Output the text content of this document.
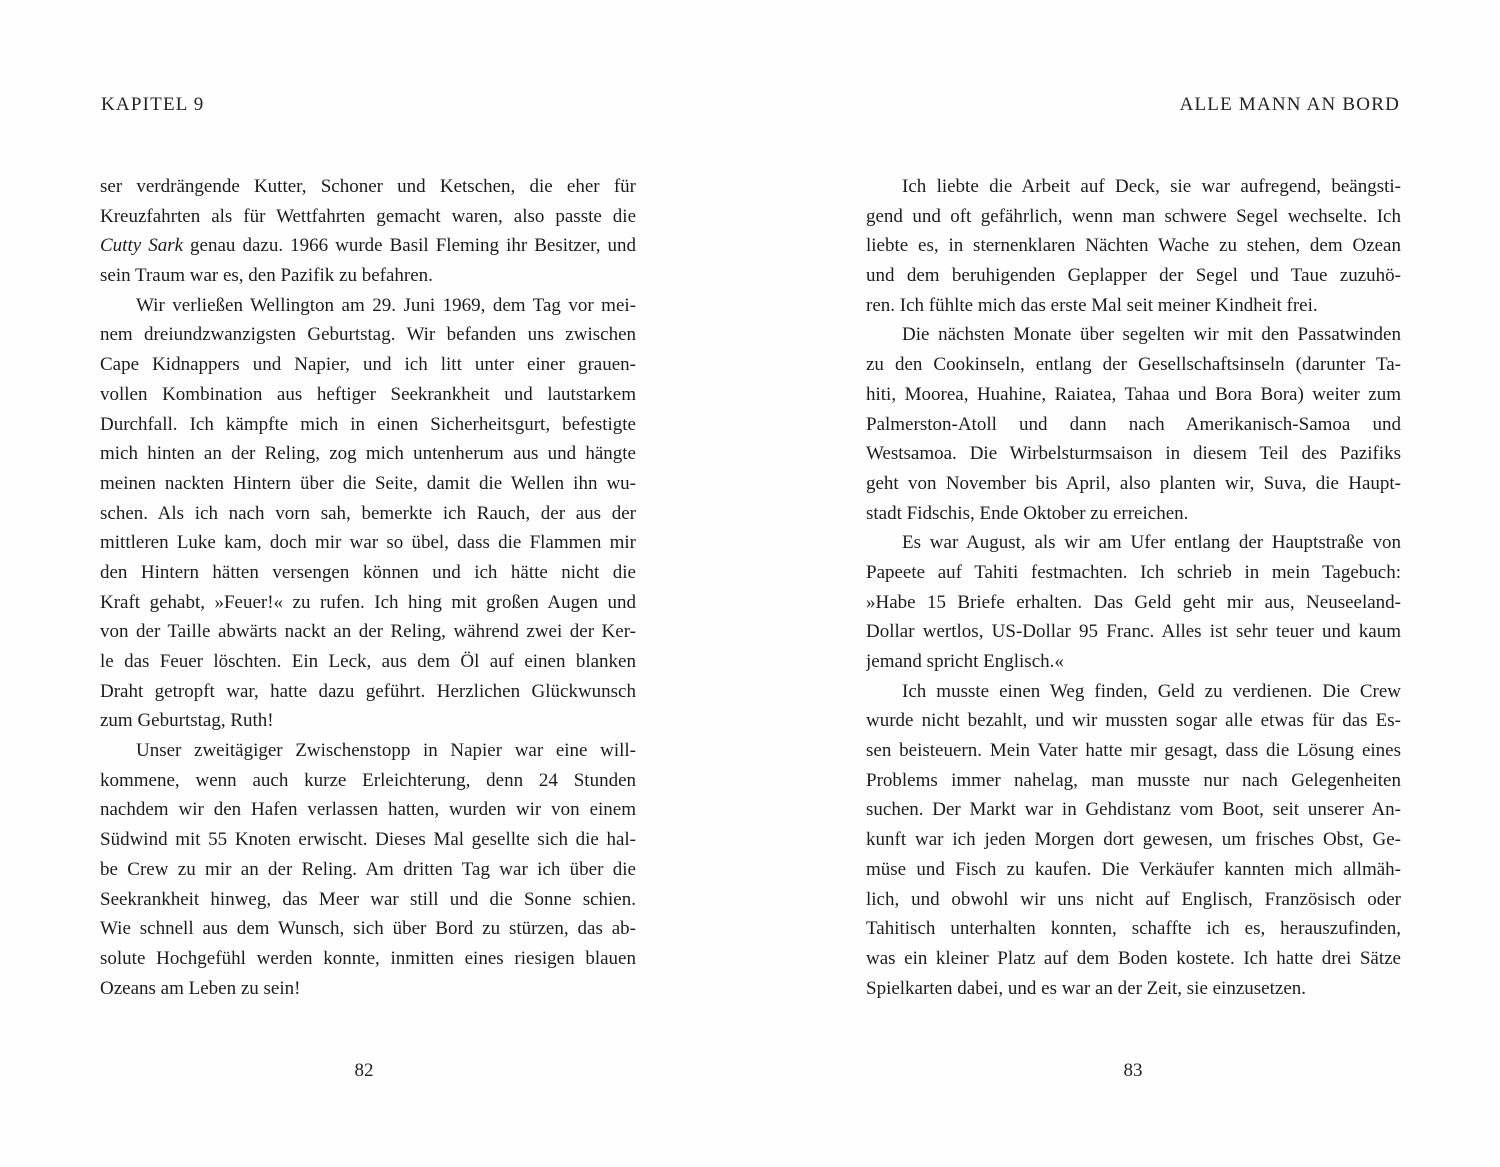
KAPITEL 9	ALLE MANN AN BORD
ser verdrängende Kutter, Schoner und Ketschen, die eher für
Kreuzfahrten als für Wettfahrten gemacht waren, also passte die
Cutty Sark genau dazu. 1966 wurde Basil Fleming ihr Besitzer, und
sein Traum war es, den Pazifik zu befahren.
Wir verließen Wellington am 29. Juni 1969, dem Tag vor mei-
nem dreiundzwanzigsten Geburtstag. Wir befanden uns zwischen
Cape Kidnappers und Napier, und ich litt unter einer grauen-
vollen Kombination aus heftiger Seekrankheit und lautstarkem
Durchfall. Ich kämpfte mich in einen Sicherheitsgurt, befestigte
mich hinten an der Reling, zog mich untenherum aus und hängte
meinen nackten Hintern über die Seite, damit die Wellen ihn wu-
schen. Als ich nach vorn sah, bemerkte ich Rauch, der aus der
mittleren Luke kam, doch mir war so übel, dass die Flammen mir
den Hintern hätten versengen können und ich hätte nicht die
Kraft gehabt, »Feuer!« zu rufen. Ich hing mit großen Augen und
von der Taille abwärts nackt an der Reling, während zwei der Ker-
le das Feuer löschten. Ein Leck, aus dem Öl auf einen blanken
Draht getropft war, hatte dazu geführt. Herzlichen Glückwunsch
zum Geburtstag, Ruth!
Unser zweitägiger Zwischenstopp in Napier war eine will-
kommene, wenn auch kurze Erleichterung, denn 24 Stunden
nachdem wir den Hafen verlassen hatten, wurden wir von einem
Südwind mit 55 Knoten erwischt. Dieses Mal gesellte sich die hal-
be Crew zu mir an der Reling. Am dritten Tag war ich über die
Seekrankheit hinweg, das Meer war still und die Sonne schien.
Wie schnell aus dem Wunsch, sich über Bord zu stürzen, das ab-
solute Hochgefühl werden konnte, inmitten eines riesigen blauen
Ozeans am Leben zu sein!
Ich liebte die Arbeit auf Deck, sie war aufregend, beängsti-
gend und oft gefährlich, wenn man schwere Segel wechselte. Ich
liebte es, in sternenklaren Nächten Wache zu stehen, dem Ozean
und dem beruhigenden Geplapper der Segel und Taue zuzuhö-
ren. Ich fühlte mich das erste Mal seit meiner Kindheit frei.
Die nächsten Monate über segelten wir mit den Passatwinden
zu den Cookinseln, entlang der Gesellschaftsinseln (darunter Ta-
hiti, Moorea, Huahine, Raiatea, Tahaa und Bora Bora) weiter zum
Palmerston-Atoll und dann nach Amerikanisch-Samoa und
Westsamoa. Die Wirbelsturmsaison in diesem Teil des Pazifiks
geht von November bis April, also planten wir, Suva, die Haupt-
stadt Fidschis, Ende Oktober zu erreichen.
Es war August, als wir am Ufer entlang der Hauptstraße von
Papeete auf Tahiti festmachten. Ich schrieb in mein Tagebuch:
»Habe 15 Briefe erhalten. Das Geld geht mir aus, Neuseeland-
Dollar wertlos, US-Dollar 95 Franc. Alles ist sehr teuer und kaum
jemand spricht Englisch.«
Ich musste einen Weg finden, Geld zu verdienen. Die Crew
wurde nicht bezahlt, und wir mussten sogar alle etwas für das Es-
sen beisteuern. Mein Vater hatte mir gesagt, dass die Lösung eines
Problems immer nahelag, man musste nur nach Gelegenheiten
suchen. Der Markt war in Gehdistanz vom Boot, seit unserer An-
kunft war ich jeden Morgen dort gewesen, um frisches Obst, Ge-
müse und Fisch zu kaufen. Die Verkäufer kannten mich allmäh-
lich, und obwohl wir uns nicht auf Englisch, Französisch oder
Tahitisch unterhalten konnten, schaffte ich es, herauszufinden,
was ein kleiner Platz auf dem Boden kostete. Ich hatte drei Sätze
Spielkarten dabei, und es war an der Zeit, sie einzusetzen.
82	83
